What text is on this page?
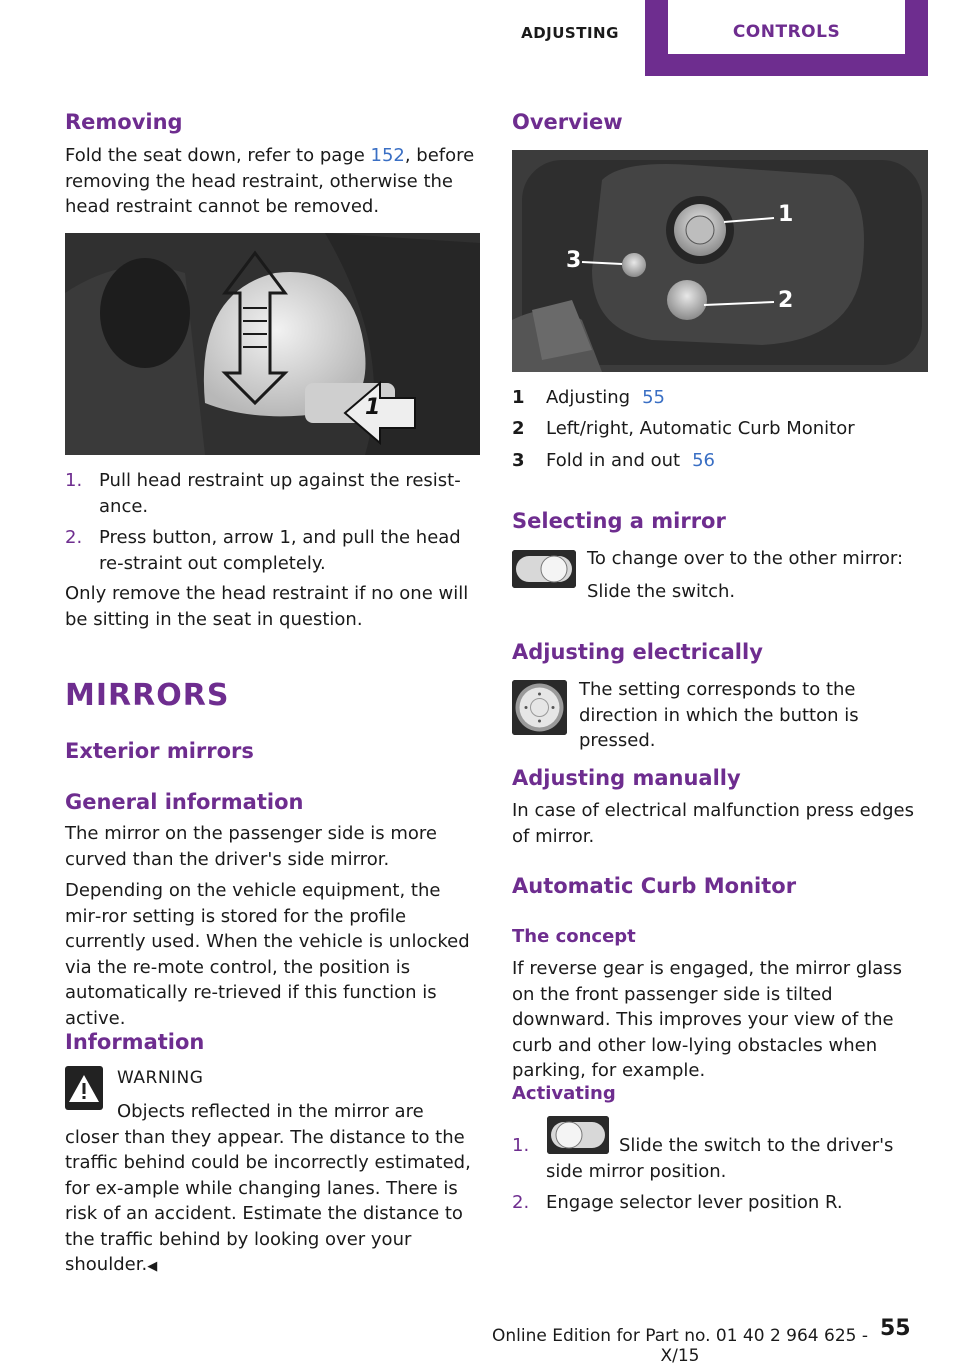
ADJUSTING	CONTROLS
Removing

Fold the seat down, refer to page 152, before removing the head restraint, otherwise the head restraint cannot be removed.

1
1. Pull head restraint up against the resist‐ance.

2. Press button, arrow 1, and pull the head re‐straint out completely.

Only remove the head restraint if no one will be sitting in the seat in question.

MIRRORS
Exterior mirrors
General information

The mirror on the passenger side is more curved than the driver's side mirror.

Depending on the vehicle equipment, the mir‐ror setting is stored for the profile currently used. When the vehicle is unlocked via the re‐mote control, the position is automatically re‐trieved if this function is active.

Information
WARNING
Objects reflected in the mirror are closer than they appear. The distance to the traffic behind could be incorrectly estimated, for ex‐ample while changing lanes. There is risk of an accident. Estimate the distance to the traffic behind by looking over your shoulder.◀
Overview
1
2
3
1 Adjusting 55
2 Left/right, Automatic Curb Monitor
3 Fold in and out 56
Selecting a mirror

To change over to the other mirror:

Slide the switch.

Adjusting electrically

The setting corresponds to the direction in which the button is pressed.

Adjusting manually

In case of electrical malfunction press edges of mirror.

Automatic Curb Monitor
The concept

If reverse gear is engaged, the mirror glass on the front passenger side is tilted downward. This improves your view of the curb and other low-lying obstacles when parking, for example.

Activating
1.	Slide the switch to the driver's side mirror position.

2. Engage selector lever position R.

Online Edition for Part no. 01 40 2 964 625 - X/15
55
